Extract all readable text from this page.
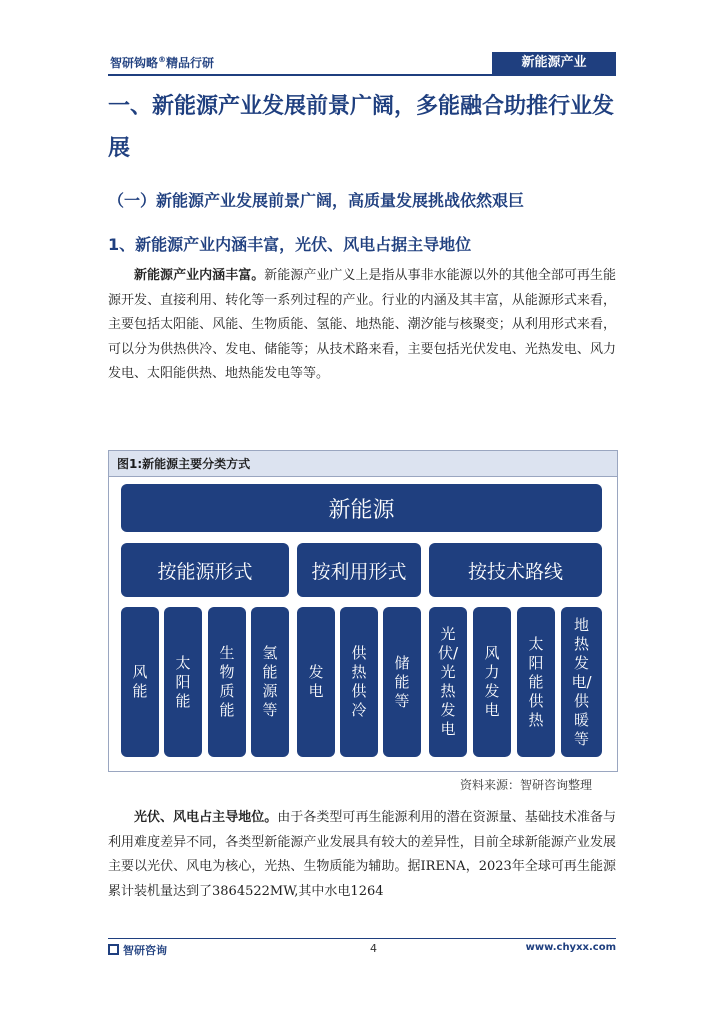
智研钩略®精品行研	新能源产业
一、新能源产业发展前景广阔，多能融合助推行业发展
（一）新能源产业发展前景广阔，高质量发展挑战依然艰巨
1、新能源产业内涵丰富，光伏、风电占据主导地位
新能源产业内涵丰富。新能源产业广义上是指从事非水能源以外的其他全部可再生能源开发、直接利用、转化等一系列过程的产业。行业的内涵及其丰富，从能源形式来看，主要包括太阳能、风能、生物质能、氢能、地热能、潮汐能与核聚变；从利用形式来看，可以分为供热供冷、发电、储能等；从技术路来看，主要包括光伏发电、光热发电、风力发电、太阳能供热、地热能发电等等。
图1:新能源主要分类方式
新能源
按能源形式	按利用形式	按技术路线
风能
太阳能
生物质能
氢能源等
发电
供热供冷
储能等
光伏/光热发电
风力发电
太阳能供热
地热发电/供暖等
资料来源：智研咨询整理
光伏、风电占主导地位。由于各类型可再生能源利用的潜在资源量、基础技术准备与利用难度差异不同，各类型新能源产业发展具有较大的差异性，目前全球新能源产业发展主要以光伏、风电为核心，光热、生物质能为辅助。据IRENA，2023年全球可再生能源累计装机量达到了3864522MW,其中水电1264
智研咨询	4	www.chyxx.com
